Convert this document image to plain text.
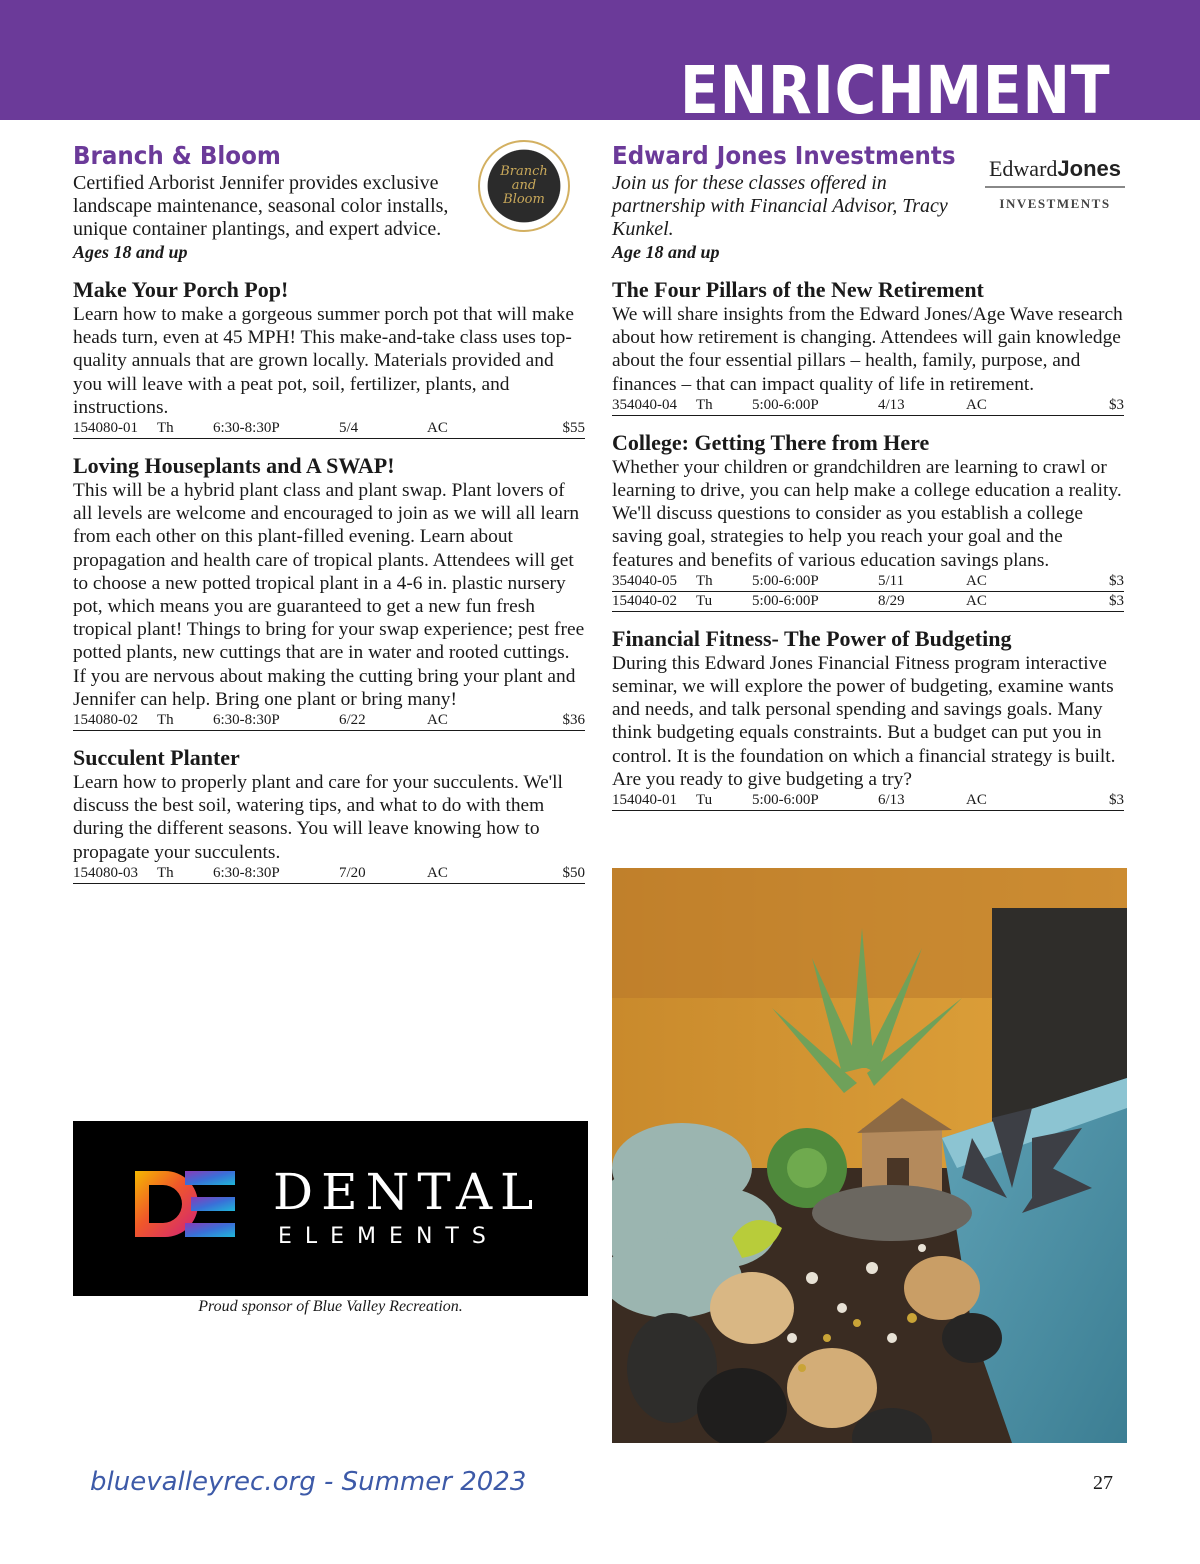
ENRICHMENT
Branch & Bloom
Certified Arborist Jennifer provides exclusive landscape maintenance, seasonal color installs, unique container plantings, and expert advice.
Ages 18 and up
Make Your Porch Pop!
Learn how to make a gorgeous summer porch pot that will make heads turn, even at 45 MPH! This make-and-take class uses top-quality annuals that are grown locally. Materials provided and you will leave with a peat pot, soil, fertilizer, plants, and instructions.
154080-01	Th	6:30-8:30P	5/4	AC	$55
Loving Houseplants and A SWAP!
This will be a hybrid plant class and plant swap. Plant lovers of all levels are welcome and encouraged to join as we will all learn from each other on this plant-filled evening. Learn about propagation and health care of tropical plants. Attendees will get to choose a new potted tropical plant in a 4-6 in. plastic nursery pot, which means you are guaranteed to get a new fun fresh tropical plant! Things to bring for your swap experience; pest free potted plants, new cuttings that are in water and rooted cuttings. If you are nervous about making the cutting bring your plant and Jennifer can help. Bring one plant or bring many!
154080-02	Th	6:30-8:30P	6/22	AC	$36
Succulent Planter
Learn how to properly plant and care for your succulents. We'll discuss the best soil, watering tips, and what to do with them during the different seasons. You will leave knowing how to propagate your succulents.
154080-03	Th	6:30-8:30P	7/20	AC	$50
Branch
and
Bloom
Edward Jones Investments
Join us for these classes offered in partnership with Financial Advisor, Tracy Kunkel.
Age 18 and up
The Four Pillars of the New Retirement
We will share insights from the Edward Jones/Age Wave research about how retirement is changing. Attendees will gain knowledge about the four essential pillars – health, family, purpose, and finances – that can impact quality of life in retirement.
354040-04	Th	5:00-6:00P	4/13	AC	$3
College: Getting There from Here
Whether your children or grandchildren are learning to crawl or learning to drive, you can help make a college education a reality. We'll discuss questions to consider as you establish a college saving goal, strategies to help you reach your goal and the features and benefits of various education savings plans.
354040-05	Th	5:00-6:00P	5/11	AC	$3
154040-02	Tu	5:00-6:00P	8/29	AC	$3
Financial Fitness- The Power of Budgeting
During this Edward Jones Financial Fitness program interactive seminar, we will explore the power of budgeting, examine wants and needs, and talk personal spending and savings goals. Many think budgeting equals constraints. But a budget can put you in control. It is the foundation on which a financial strategy is built. Are you ready to give budgeting a try?
154040-01	Tu	5:00-6:00P	6/13	AC	$3
EdwardJones
INVESTMENTS
DENTAL
ELEMENTS
Proud sponsor of Blue Valley Recreation.
bluevalleyrec.org - Summer 2023	27
